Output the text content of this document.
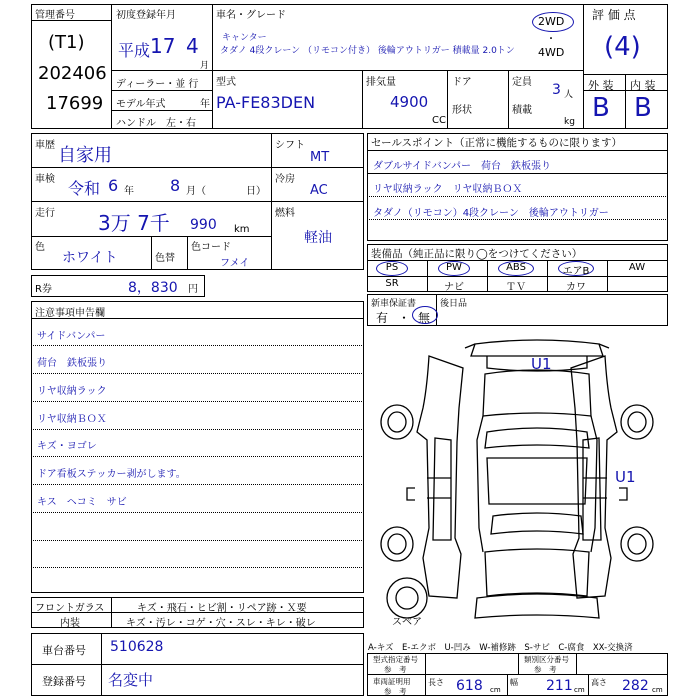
管理番号
(T1)
202406
17699
初度登録年月
平成 17 4
月
車名・グレード
キャンター
タダノ 4段クレーン （リモコン付き） 後輪アウトリガー 積載量 2.0トン
2WD
・
4WD
評 価 点
(4)
ディーラー・並 行
モデル年式	年
ハンドル　左・右
型式
PA-FE83DEN
排気量
4900
CC
ドア
形状
定員 3 人
積載
kg
外 装 内 装
B B
車歴 自家用
車検 令和 6 年 8 月（	日）
走行 3万 7千 990 km
色
ホワイト	色替
色コード
フメイ
シフト
MT
冷房
AC
燃料
軽油
R券	8，830 円
セールスポイント（正常に機能するものに限ります）
ダブルサイドバンパー　荷台　鉄板張り
リヤ収納ラック　リヤ収納ＢＯＸ
タダノ（リモコン）4段クレーン　後輪アウトリガー
装備品（純正品に限り◯をつけてください）
PS	PW	ABS	エアB	AW
SR	ナビ	ＴＶ	カワ
新車保証書
有 ・ 無
後日品
注意事項申告欄
サイドバンパー
荷台　鉄板張り
リヤ収納ラック
リヤ収納ＢＯＸ
キズ・ヨゴレ
ドア看板ステッカー剥がします。
キス　ヘコミ　サビ
フロントガラス	キズ・飛石・ヒビ割・リペア跡・Ｘ要
内装	キズ・汚レ・コゲ・穴・スレ・キレ・破レ
車台番号 510628
登録番号 名変中
A-キズ　E-エクボ　U-凹み　W-補修跡　S-サビ　C-腐食　XX-交換済
型式指定番号
参　考
類別区分番号
参　考
車両証明用
参　考
長さ 618 cm
幅 211 cm
高さ 282 cm
U1
U1
スペア
